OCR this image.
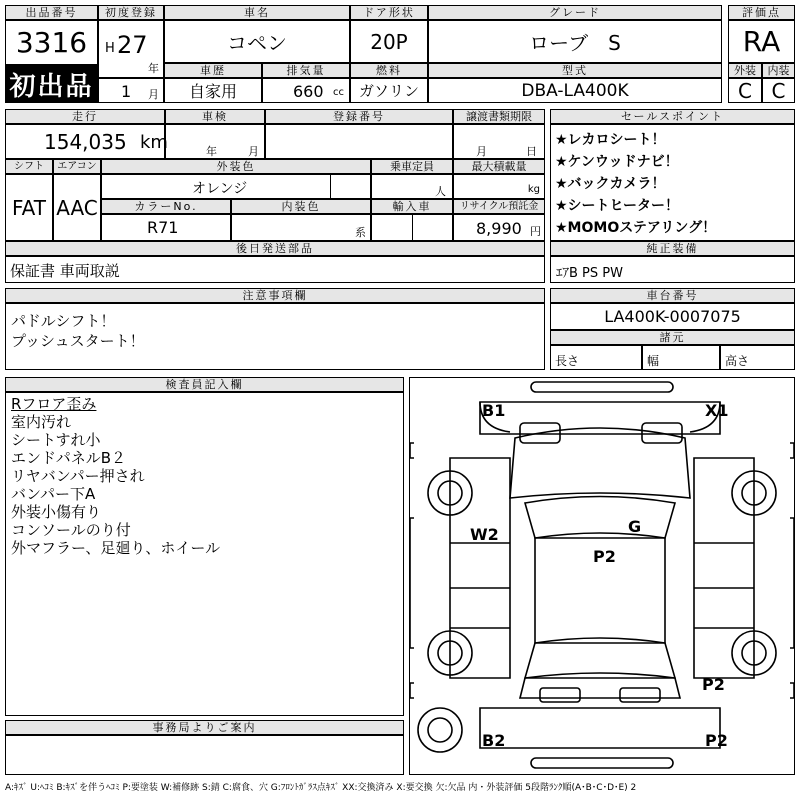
出品番号
3316
初出品
初度登録
H 27
年
1 月
車名
コペン
車歴
自家用
排気量
660 cc
ドア形状
20P
燃料
ガソリン
グレード
ローブ　S
型式
DBA-LA400K
評価点
RA
外装	内装
C C
走行
154,035 km
車検
年	月
登録番号	譲渡書類期限
月	日
シフト
FAT
エアコン
AAC
外装色
オレンジ
乗車定員
人
最大積載量
kg
カラーNo.
R71
内装色
系
輸入車	リサイクル預託金
8,990 円
セールスポイント
★レカロシート！
★ケンウッドナビ！
★バックカメラ！
★シートヒーター！
★MOMOステアリング！
後日発送部品
保証書 車両取説
純正装備
ｴｱB PS PW
注意事項欄
パドルシフト！
プッシュスタート！
車台番号
LA400K-0007075
諸元
長さ	幅	高さ
検査員記入欄
Rフロア歪み
室内汚れ
シートすれ小
エンドパネルB２
リヤバンパー押され
バンパー下A
外装小傷有り
コンソールのり付
外マフラー、足廻り、ホイール
事務局よりご案内
B1	X1
W2	G
P2
P2
B2	P2
A:ｷｽﾞ U:ﾍｺﾐ B:ｷｽﾞを伴うﾍｺﾐ P:要塗装 W:補修跡 S:錆 C:腐食、穴 G:ﾌﾛﾝﾄｶﾞﾗｽ点ｷｽﾞ XX:交換済み X:要交換 欠:欠品 内・外装評価 5段階ﾗﾝｸ順(A･B･C･D･E) 2
